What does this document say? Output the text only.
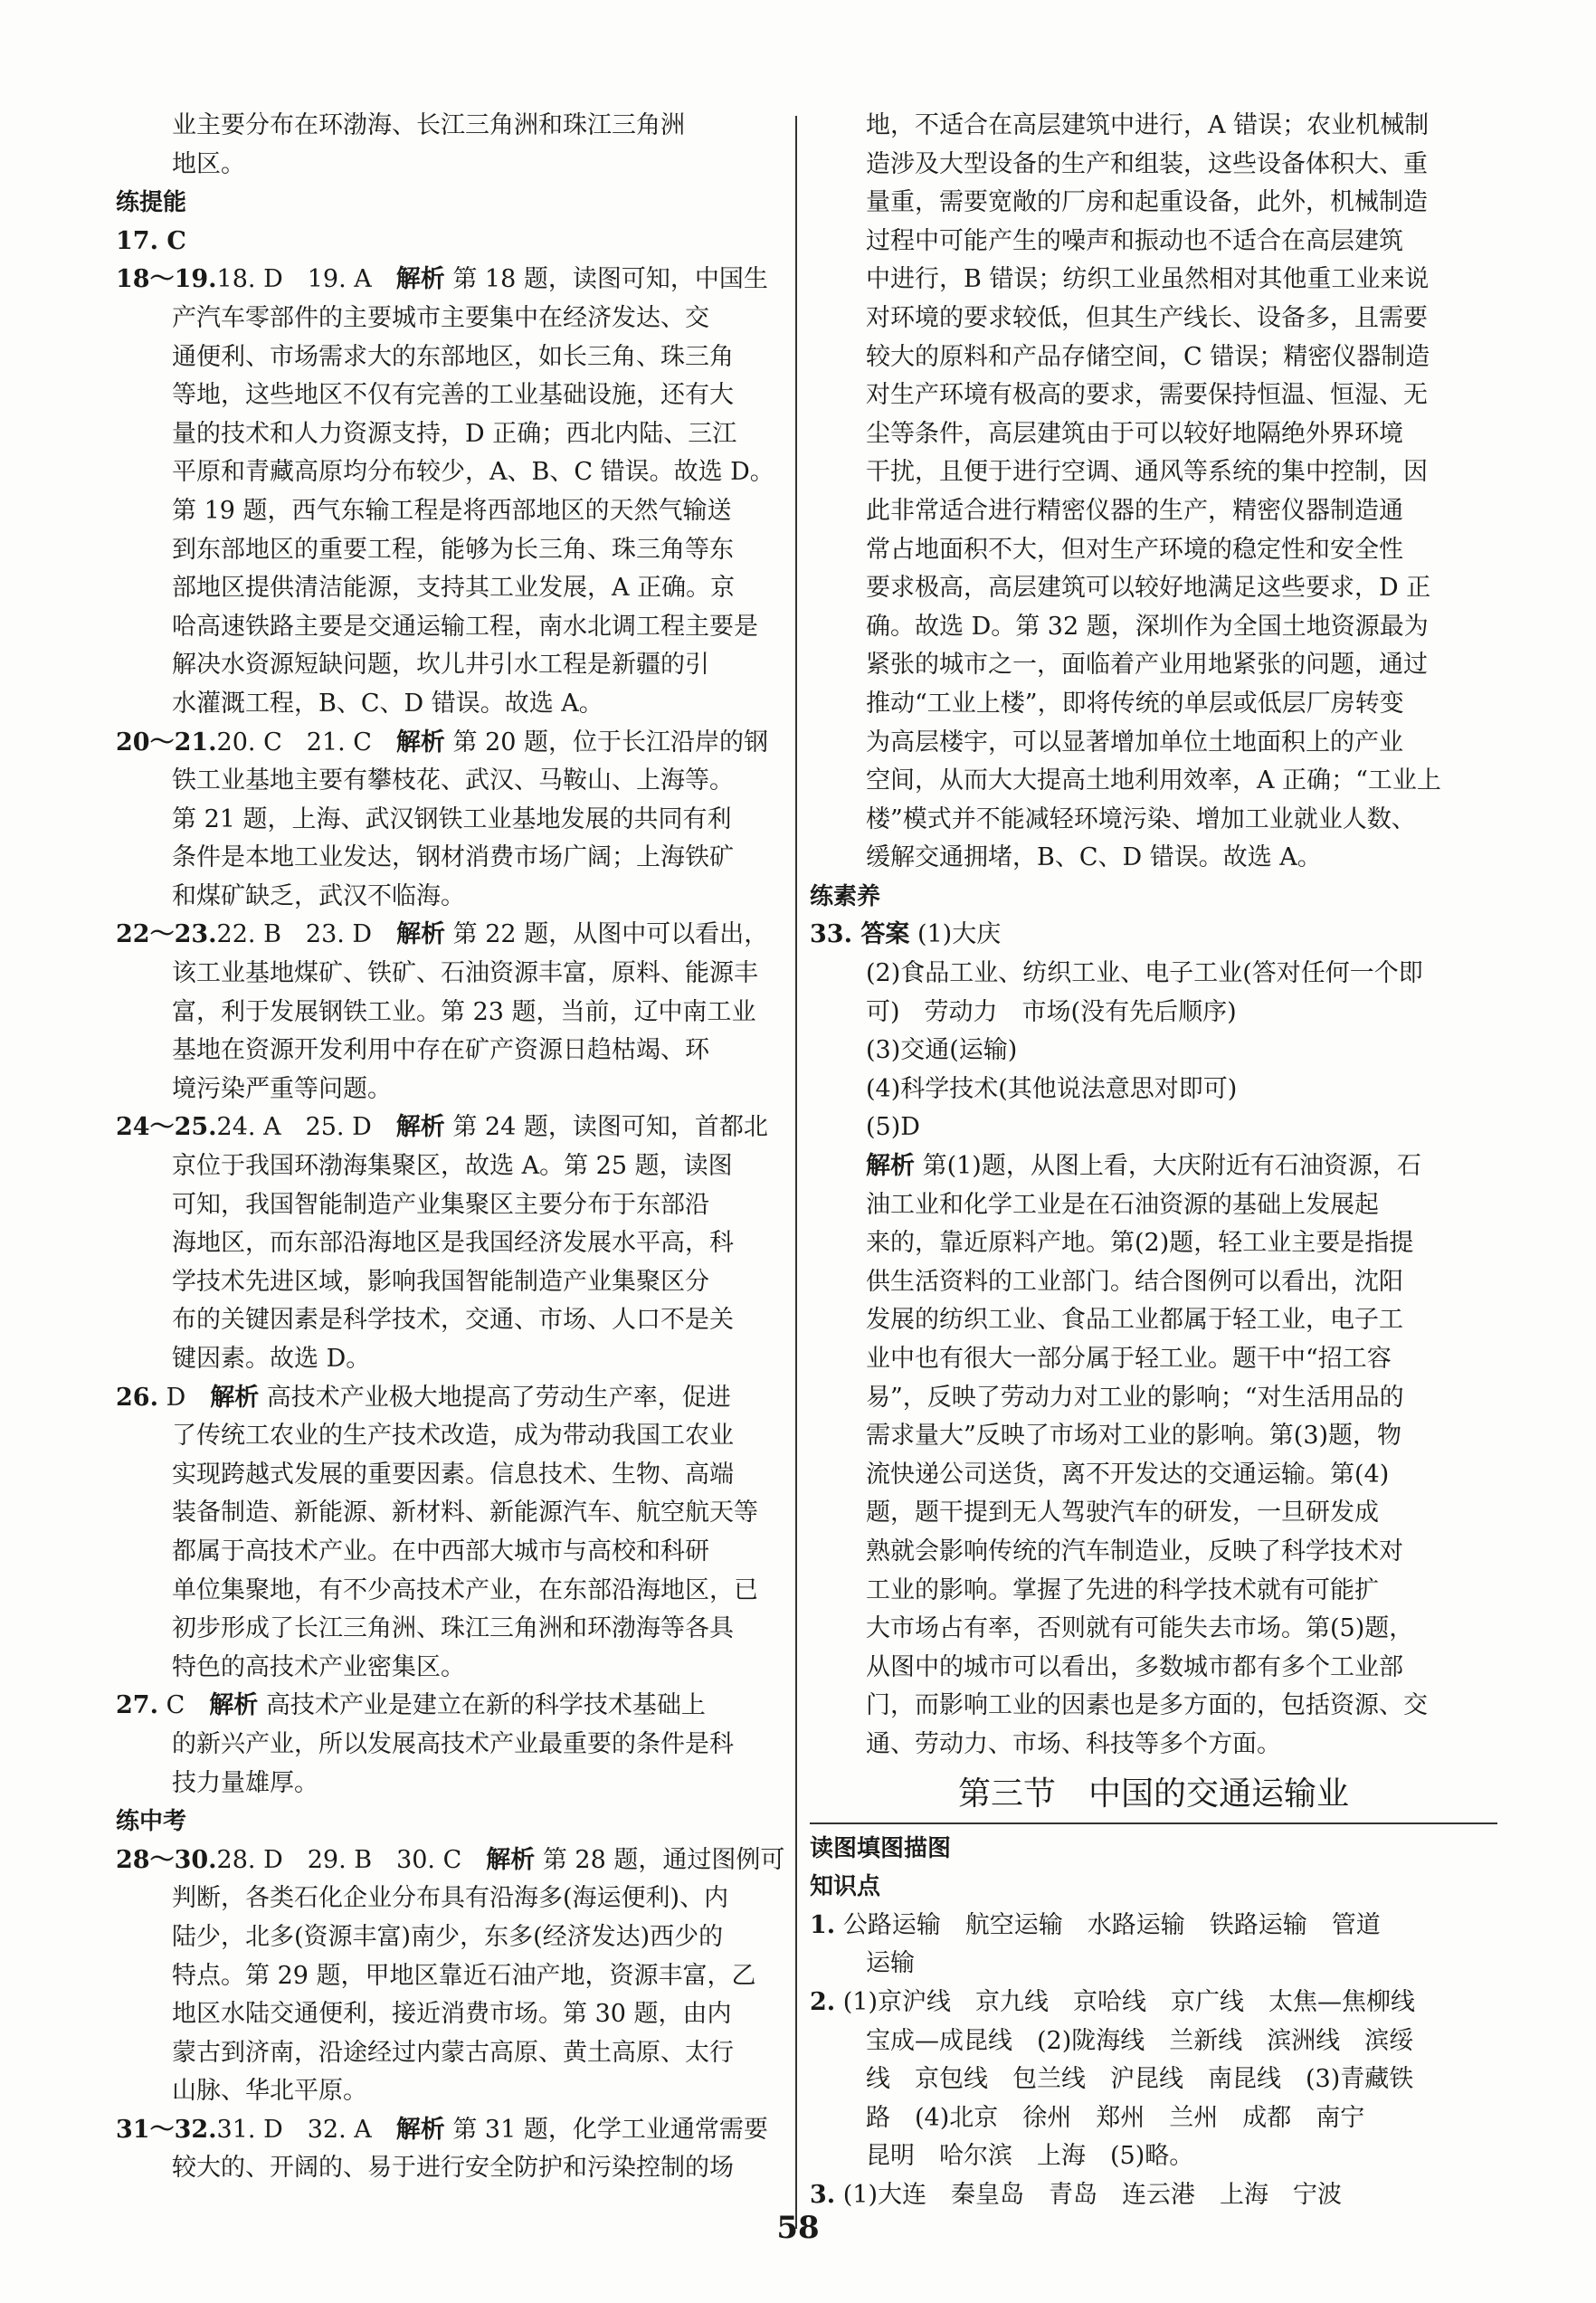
业主要分布在环渤海、长江三角洲和珠江三角洲
地区。
练提能
17. C
18～19.18. D　19. A　解析 第 18 题，读图可知，中国生
产汽车零部件的主要城市主要集中在经济发达、交
通便利、市场需求大的东部地区，如长三角、珠三角
等地，这些地区不仅有完善的工业基础设施，还有大
量的技术和人力资源支持，D 正确；西北内陆、三江
平原和青藏高原均分布较少，A、B、C 错误。故选 D。
第 19 题，西气东输工程是将西部地区的天然气输送
到东部地区的重要工程，能够为长三角、珠三角等东
部地区提供清洁能源，支持其工业发展，A 正确。京
哈高速铁路主要是交通运输工程，南水北调工程主要是
解决水资源短缺问题，坎儿井引水工程是新疆的引
水灌溉工程，B、C、D 错误。故选 A。
20～21.20. C　21. C　解析 第 20 题，位于长江沿岸的钢
铁工业基地主要有攀枝花、武汉、马鞍山、上海等。
第 21 题，上海、武汉钢铁工业基地发展的共同有利
条件是本地工业发达，钢材消费市场广阔；上海铁矿
和煤矿缺乏，武汉不临海。
22～23.22. B　23. D　解析 第 22 题，从图中可以看出，
该工业基地煤矿、铁矿、石油资源丰富，原料、能源丰
富，利于发展钢铁工业。第 23 题，当前，辽中南工业
基地在资源开发利用中存在矿产资源日趋枯竭、环
境污染严重等问题。
24～25.24. A　25. D　解析 第 24 题，读图可知，首都北
京位于我国环渤海集聚区，故选 A。第 25 题，读图
可知，我国智能制造产业集聚区主要分布于东部沿
海地区，而东部沿海地区是我国经济发展水平高，科
学技术先进区域，影响我国智能制造产业集聚区分
布的关键因素是科学技术，交通、市场、人口不是关
键因素。故选 D。
26. D　解析 高技术产业极大地提高了劳动生产率，促进
了传统工农业的生产技术改造，成为带动我国工农业
实现跨越式发展的重要因素。信息技术、生物、高端
装备制造、新能源、新材料、新能源汽车、航空航天等
都属于高技术产业。在中西部大城市与高校和科研
单位集聚地，有不少高技术产业，在东部沿海地区，已
初步形成了长江三角洲、珠江三角洲和环渤海等各具
特色的高技术产业密集区。
27. C　解析 高技术产业是建立在新的科学技术基础上
的新兴产业，所以发展高技术产业最重要的条件是科
技力量雄厚。
练中考
28～30.28. D　29. B　30. C　解析 第 28 题，通过图例可
判断，各类石化企业分布具有沿海多(海运便利)、内
陆少，北多(资源丰富)南少，东多(经济发达)西少的
特点。第 29 题，甲地区靠近石油产地，资源丰富，乙
地区水陆交通便利，接近消费市场。第 30 题，由内
蒙古到济南，沿途经过内蒙古高原、黄土高原、太行
山脉、华北平原。
31～32.31. D　32. A　解析 第 31 题，化学工业通常需要
较大的、开阔的、易于进行安全防护和污染控制的场
地，不适合在高层建筑中进行，A 错误；农业机械制
造涉及大型设备的生产和组装，这些设备体积大、重
量重，需要宽敞的厂房和起重设备，此外，机械制造
过程中可能产生的噪声和振动也不适合在高层建筑
中进行，B 错误；纺织工业虽然相对其他重工业来说
对环境的要求较低，但其生产线长、设备多，且需要
较大的原料和产品存储空间，C 错误；精密仪器制造
对生产环境有极高的要求，需要保持恒温、恒湿、无
尘等条件，高层建筑由于可以较好地隔绝外界环境
干扰，且便于进行空调、通风等系统的集中控制，因
此非常适合进行精密仪器的生产，精密仪器制造通
常占地面积不大，但对生产环境的稳定性和安全性
要求极高，高层建筑可以较好地满足这些要求，D 正
确。故选 D。第 32 题，深圳作为全国土地资源最为
紧张的城市之一，面临着产业用地紧张的问题，通过
推动“工业上楼”，即将传统的单层或低层厂房转变
为高层楼宇，可以显著增加单位土地面积上的产业
空间，从而大大提高土地利用效率，A 正确；“工业上
楼”模式并不能减轻环境污染、增加工业就业人数、
缓解交通拥堵，B、C、D 错误。故选 A。
练素养
33. 答案 (1)大庆
(2)食品工业、纺织工业、电子工业(答对任何一个即
可)　劳动力　市场(没有先后顺序)
(3)交通(运输)
(4)科学技术(其他说法意思对即可)
(5)D
解析 第(1)题，从图上看，大庆附近有石油资源，石
油工业和化学工业是在石油资源的基础上发展起
来的，靠近原料产地。第(2)题，轻工业主要是指提
供生活资料的工业部门。结合图例可以看出，沈阳
发展的纺织工业、食品工业都属于轻工业，电子工
业中也有很大一部分属于轻工业。题干中“招工容
易”，反映了劳动力对工业的影响；“对生活用品的
需求量大”反映了市场对工业的影响。第(3)题，物
流快递公司送货，离不开发达的交通运输。第(4)
题，题干提到无人驾驶汽车的研发，一旦研发成
熟就会影响传统的汽车制造业，反映了科学技术对
工业的影响。掌握了先进的科学技术就有可能扩
大市场占有率，否则就有可能失去市场。第(5)题，
从图中的城市可以看出，多数城市都有多个工业部
门，而影响工业的因素也是多方面的，包括资源、交
通、劳动力、市场、科技等多个方面。
第三节　中国的交通运输业
读图填图描图
知识点
1. 公路运输　航空运输　水路运输　铁路运输　管道
运输
2. (1)京沪线　京九线　京哈线　京广线　太焦—焦柳线
宝成—成昆线　(2)陇海线　兰新线　滨洲线　滨绥
线　京包线　包兰线　沪昆线　南昆线　(3)青藏铁
路　(4)北京　徐州　郑州　兰州　成都　南宁
昆明　哈尔滨　上海　(5)略。
3. (1)大连　秦皇岛　青岛　连云港　上海　宁波
58
